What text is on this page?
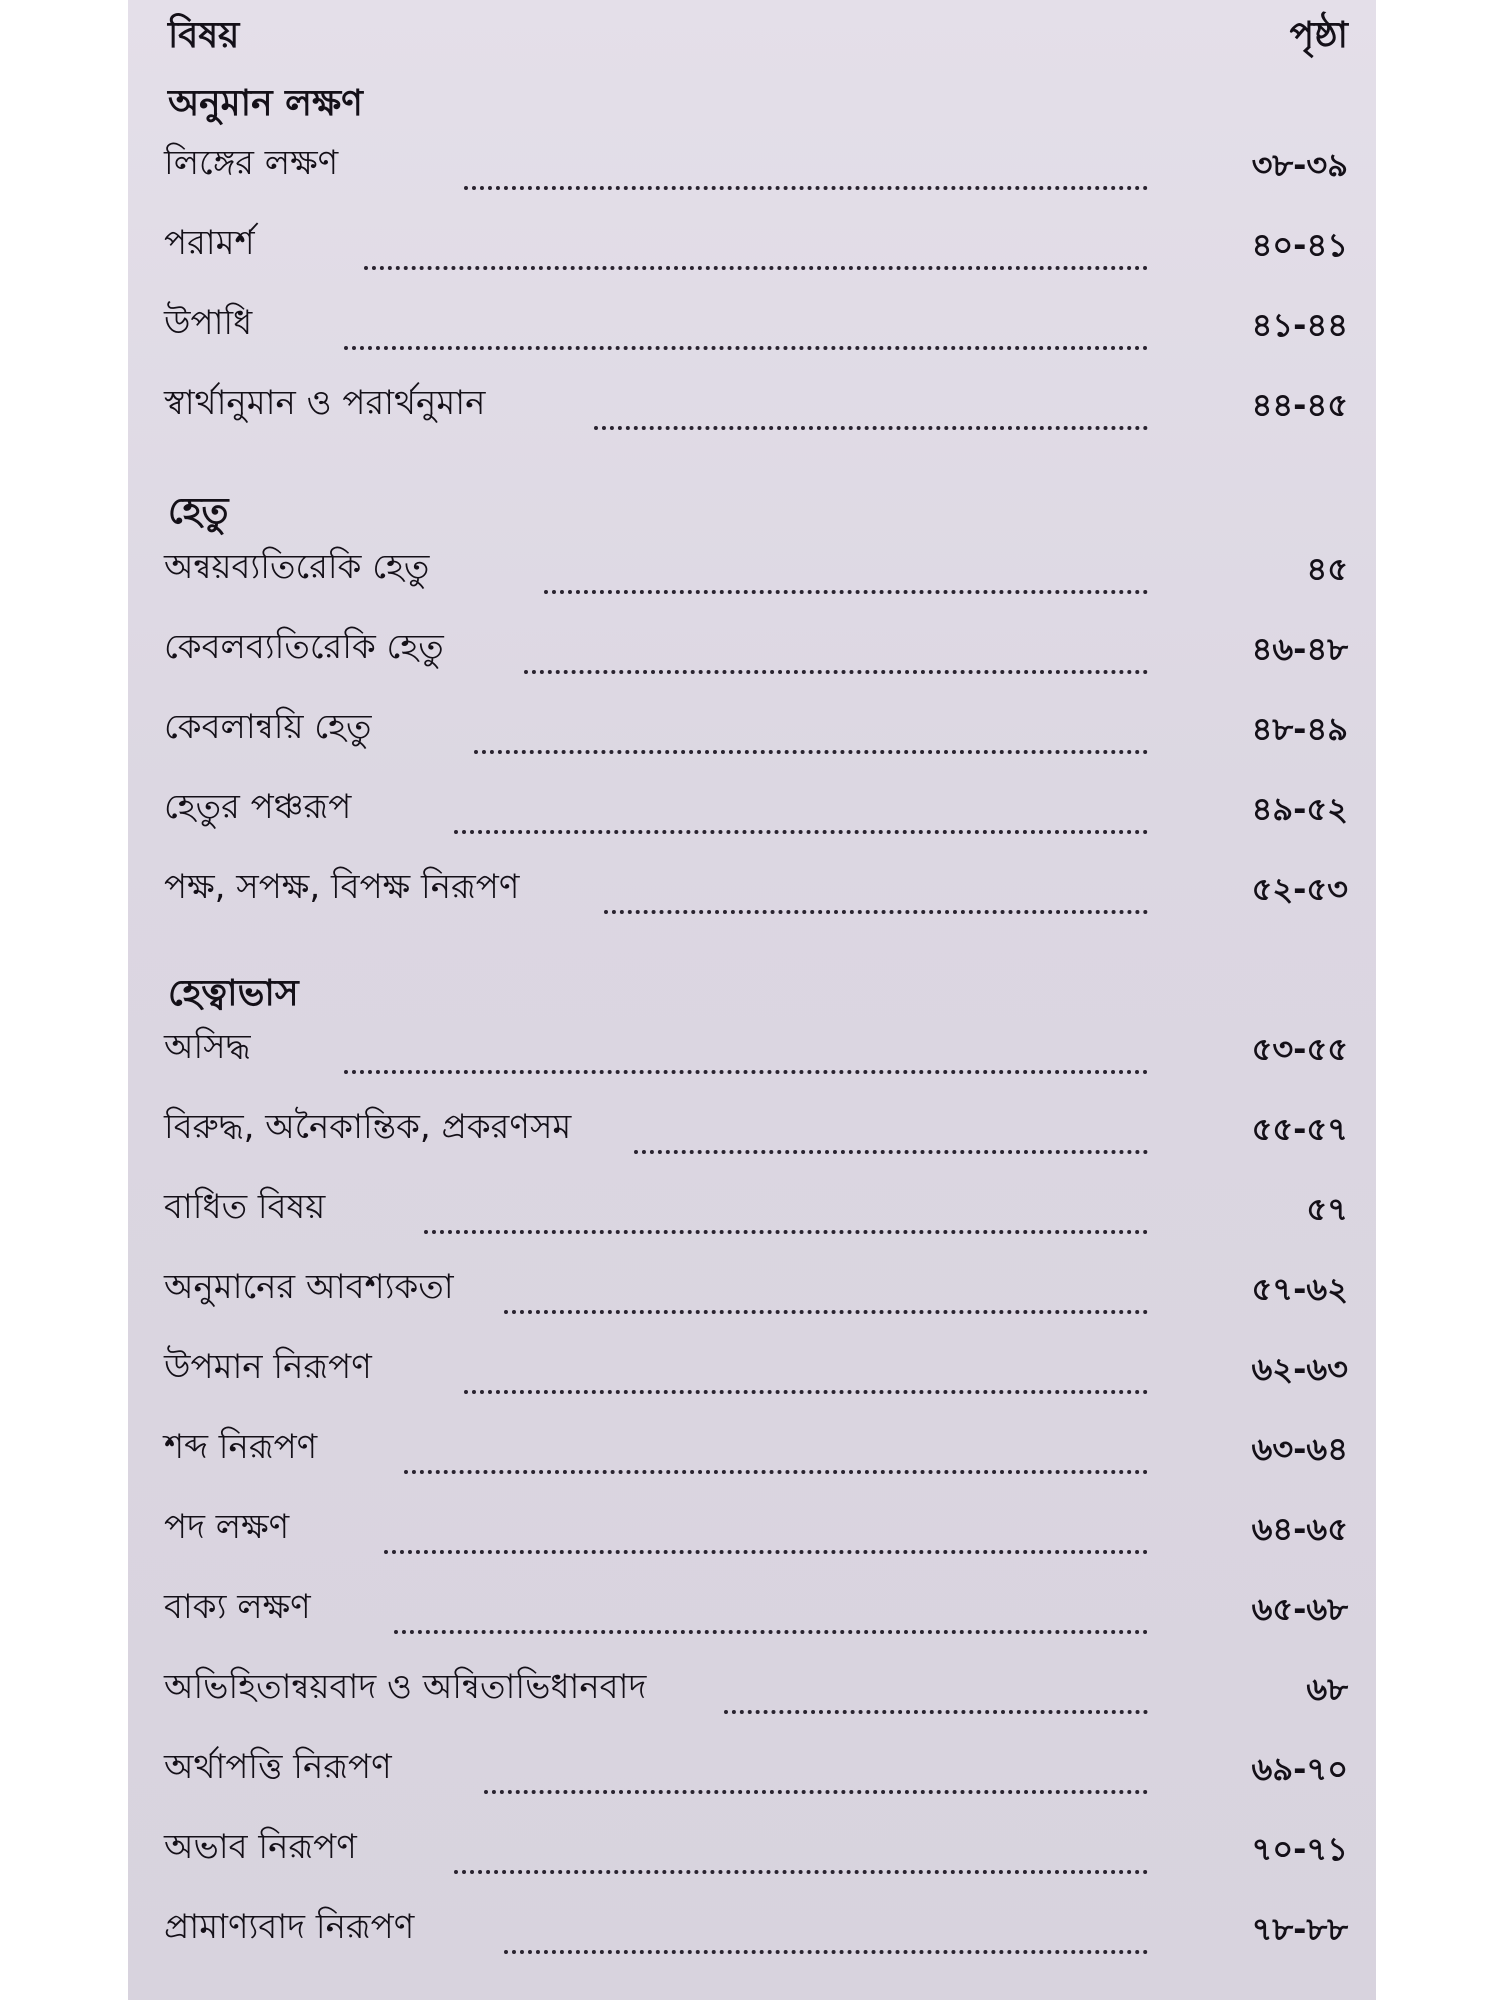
বিষয়	পৃষ্ঠা
অনুমান লক্ষণ
লিঙ্গের লক্ষণ	৩৮-৩৯
পরামর্শ	৪০-৪১
উপাধি	৪১-৪৪
স্বার্থানুমান ও পরার্থনুমান	৪৪-৪৫
হেতু
অন্বয়ব্যতিরেকি হেতু	৪৫
কেবলব্যতিরেকি হেতু	৪৬-৪৮
কেবলান্বয়ি হেতু	৪৮-৪৯
হেতুর পঞ্চরূপ	৪৯-৫২
পক্ষ, সপক্ষ, বিপক্ষ নিরূপণ	৫২-৫৩
হেত্বাভাস
অসিদ্ধ	৫৩-৫৫
বিরুদ্ধ, অনৈকান্তিক, প্রকরণসম	৫৫-৫৭
বাধিত বিষয়	৫৭
অনুমানের আবশ্যকতা	৫৭-৬২
উপমান নিরূপণ	৬২-৬৩
শব্দ নিরূপণ	৬৩-৬৪
পদ লক্ষণ	৬৪-৬৫
বাক্য লক্ষণ	৬৫-৬৮
অভিহিতান্বয়বাদ ও অন্বিতাভিধানবাদ	৬৮
অর্থাপত্তি নিরূপণ	৬৯-৭০
অভাব নিরূপণ	৭০-৭১
প্রামাণ্যবাদ নিরূপণ	৭৮-৮৮
